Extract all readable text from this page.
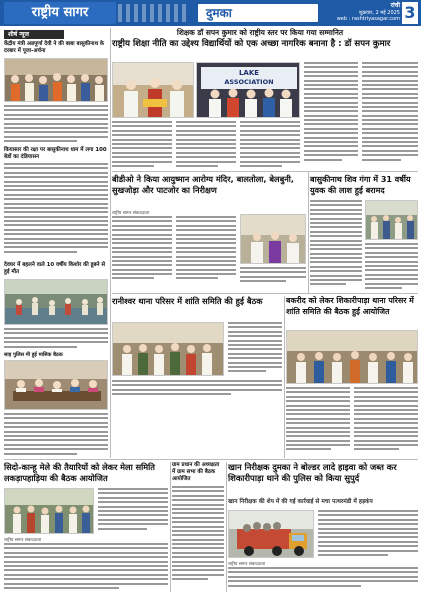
राष्ट्रीय सागर	दुमका
रांची
शुक्रवार, 2 मई 2025
web : rashtriyasagar.com 3
शीर्ष न्यूज
केंद्रीय मंत्री अन्नपूर्णा देवी ने की बाबा बासुकीनाथ के दरबार में पूजा-अर्चना
कियासार की रक्षा पर बासुकीनाथ धाम में लगा 100 बेडों का दंडियासन
देवघर में बहलने वाले 10 वर्षीय किशोर की डूबने से हुई मौत
साह पुलिस मी हुई मासिक बैठक
शिक्षक डॉ सपन कुमार को राष्ट्रीय स्तर पर किया गया सम्मानित
राष्ट्रीय शिक्षा नीति का उद्देश्य विद्यार्थियों को एक अच्छा नागरिक बनाना है : डॉ सपन कुमार
LAKE
ASSOCIATION
बीडीओ ने किया आयुष्मान आरोग्य मंदिर, बालतोला, बेलबुनी, सुखजोड़ा और पाटजोर का निरीक्षण
राष्ट्रीय सागर संवाददाता
बासुकीनाथ शिव गंगा में 31 वर्षीय युवक की लाश हुई बरामद
रानीश्वर थाना परिसर में शांति समिति की हुई बैठक	बकरीद को लेकर शिकारीपाड़ा थाना परिसर में शांति समिति की बैठक हुई आयोजित
सिदो-कान्हू मेले की तैयारियों को लेकर मेला समिति लकड़ापहाड़िया की बैठक आयोजित
राष्ट्रीय सागर संवाददाता
ग्राम प्रधान की अध्यक्षता में ग्राम सभा की बैठक आयोजित
खान निरीक्षक दुमका ने बोल्डर लादे हाइवा को जब्त कर शिकारीपाड़ा थाने की पुलिस को किया सुपुर्द
खान निरीक्षक की शेप में की गई कार्रवाई से मचा पत्थरमंडी में हड़कंप
राष्ट्रीय सागर संवाददाता
